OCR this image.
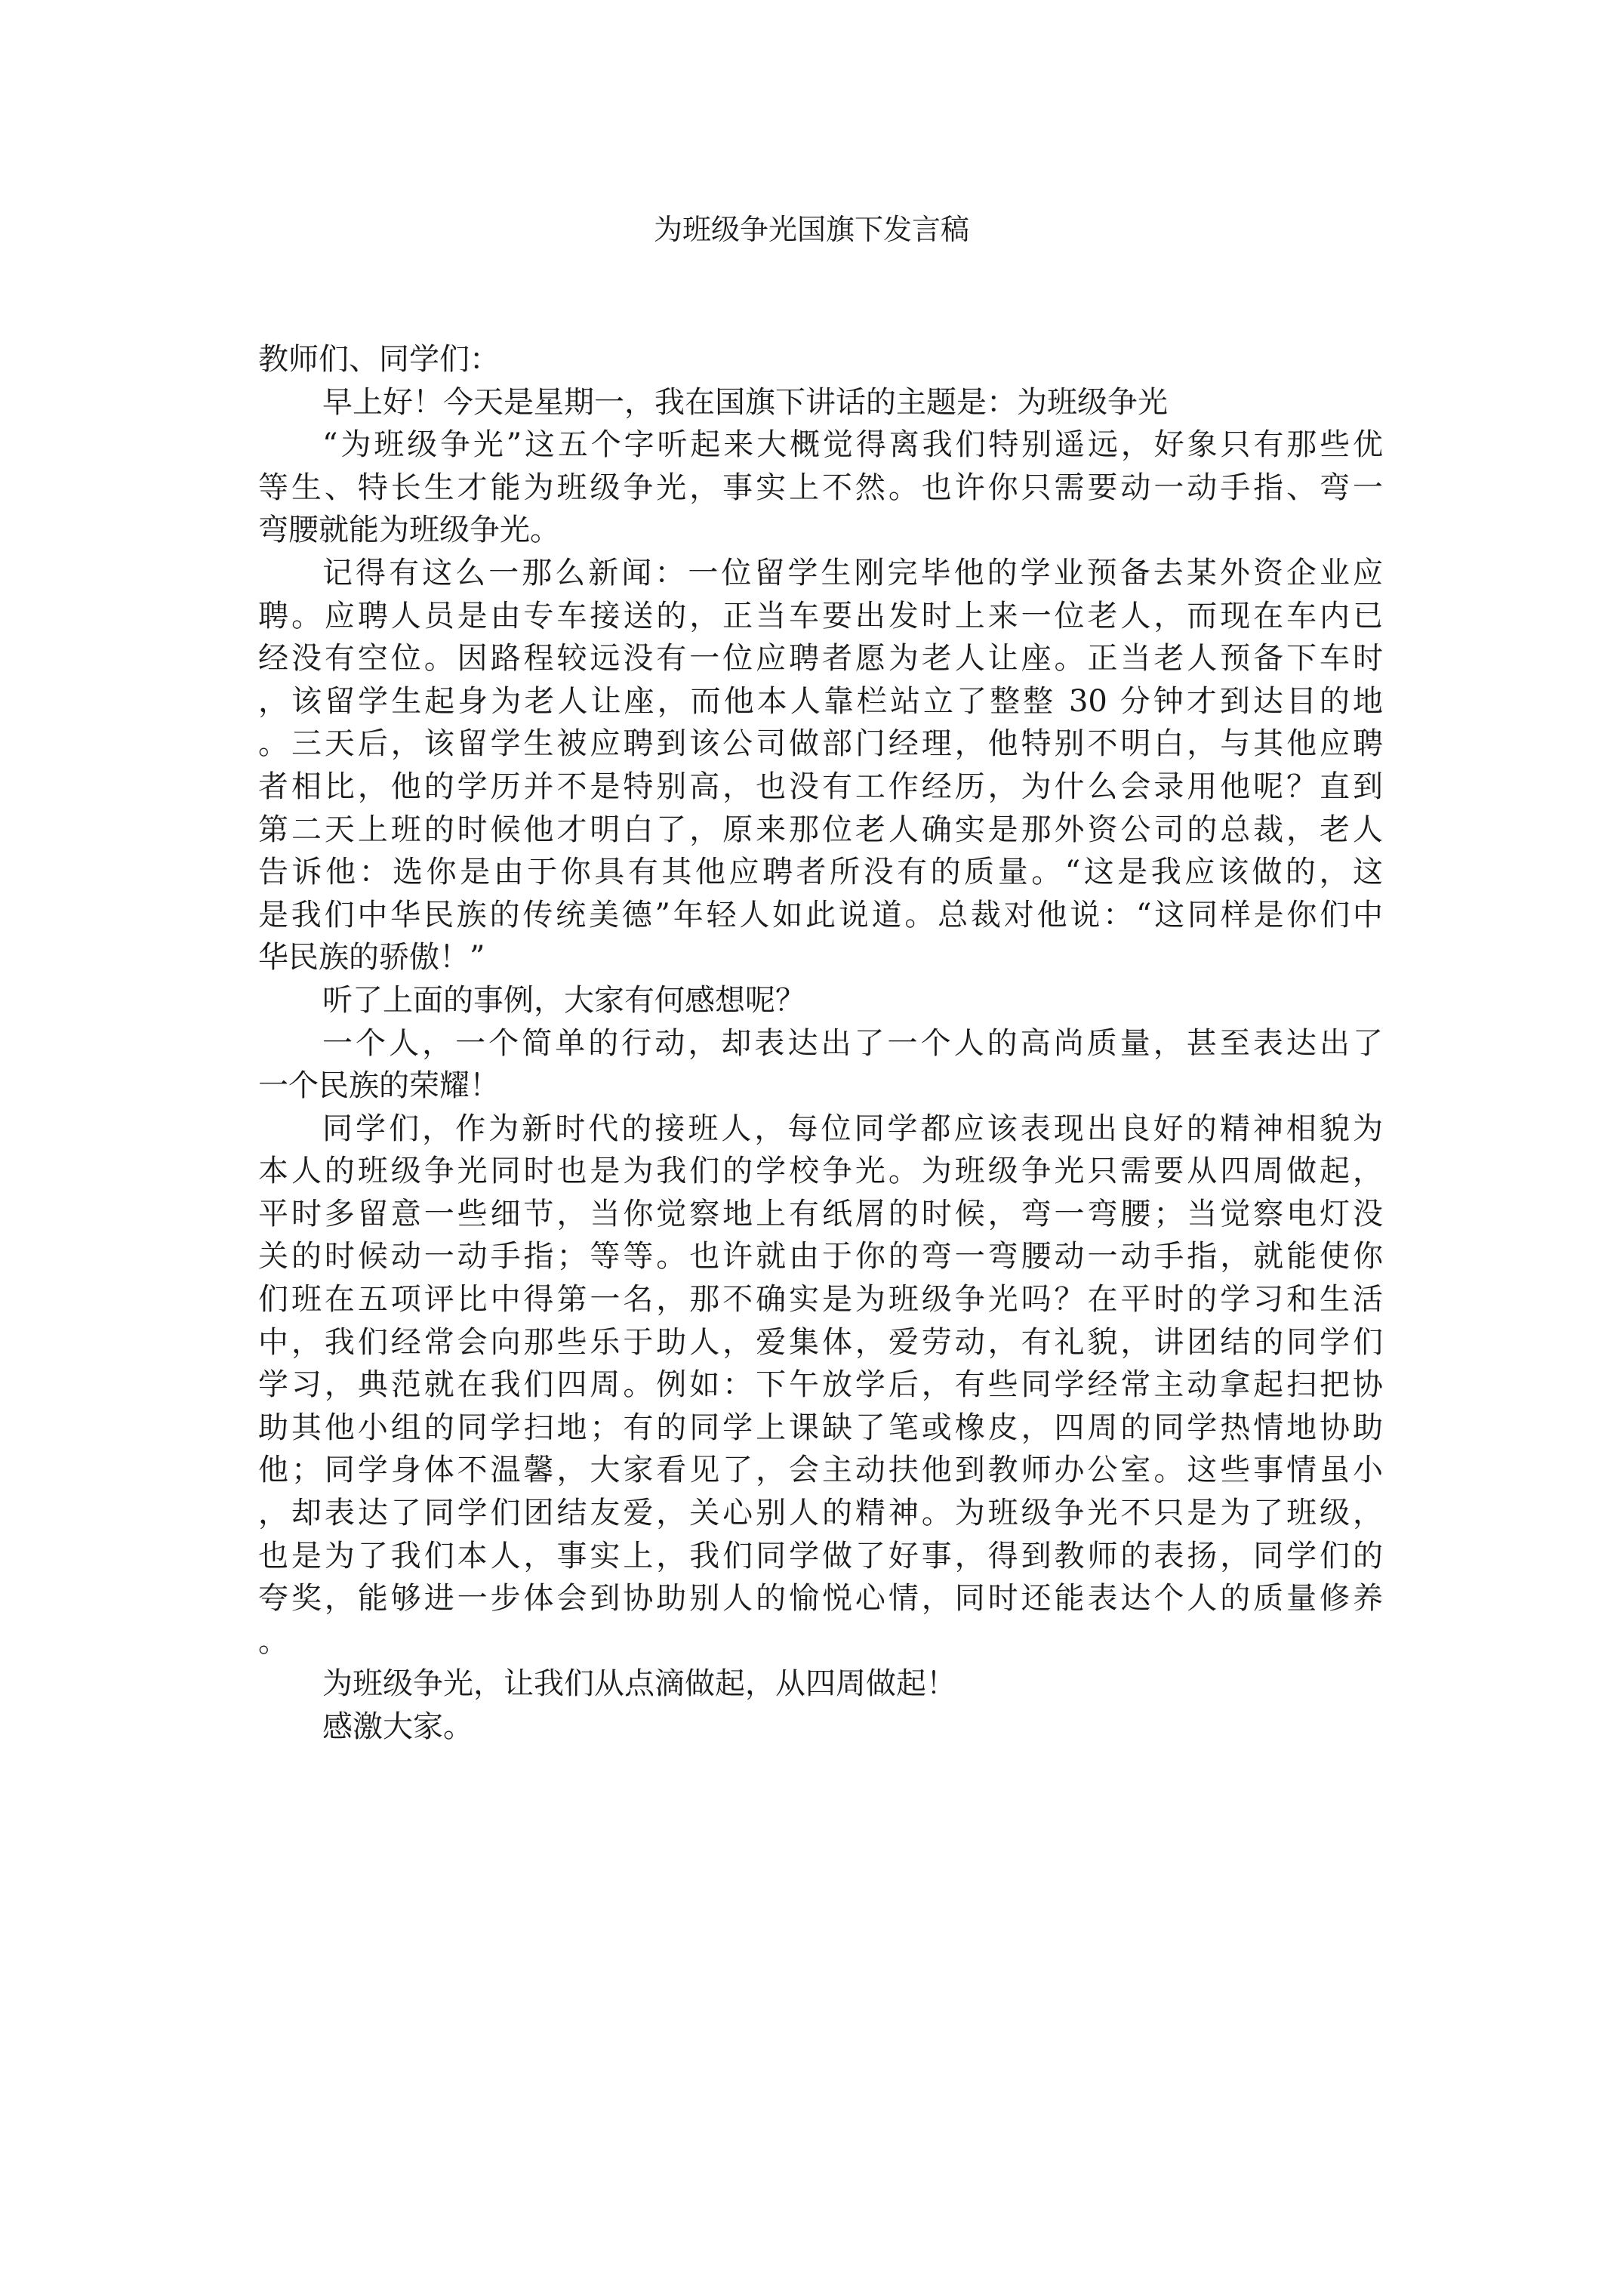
为班级争光国旗下发言稿
教师们、同学们：
早上好！今天是星期一，我在国旗下讲话的主题是：为班级争光
“为班级争光”这五个字听起来大概觉得离我们特别遥远，好象只有那些优
等生、特长生才能为班级争光，事实上不然。也许你只需要动一动手指、弯一
弯腰就能为班级争光。
记得有这么一那么新闻：一位留学生刚完毕他的学业预备去某外资企业应
聘。应聘人员是由专车接送的，正当车要出发时上来一位老人，而现在车内已
经没有空位。因路程较远没有一位应聘者愿为老人让座。正当老人预备下车时
，该留学生起身为老人让座，而他本人靠栏站立了整整 30 分钟才到达目的地
。三天后，该留学生被应聘到该公司做部门经理，他特别不明白，与其他应聘
者相比，他的学历并不是特别高，也没有工作经历，为什么会录用他呢？直到
第二天上班的时候他才明白了，原来那位老人确实是那外资公司的总裁，老人
告诉他：选你是由于你具有其他应聘者所没有的质量。“这是我应该做的，这
是我们中华民族的传统美德”年轻人如此说道。总裁对他说：“这同样是你们中
华民族的骄傲！”
听了上面的事例，大家有何感想呢？
一个人，一个简单的行动，却表达出了一个人的高尚质量，甚至表达出了
一个民族的荣耀！
同学们，作为新时代的接班人，每位同学都应该表现出良好的精神相貌为
本人的班级争光同时也是为我们的学校争光。为班级争光只需要从四周做起，
平时多留意一些细节，当你觉察地上有纸屑的时候，弯一弯腰；当觉察电灯没
关的时候动一动手指；等等。也许就由于你的弯一弯腰动一动手指，就能使你
们班在五项评比中得第一名，那不确实是为班级争光吗？在平时的学习和生活
中，我们经常会向那些乐于助人，爱集体，爱劳动，有礼貌，讲团结的同学们
学习，典范就在我们四周。例如：下午放学后，有些同学经常主动拿起扫把协
助其他小组的同学扫地；有的同学上课缺了笔或橡皮，四周的同学热情地协助
他；同学身体不温馨，大家看见了，会主动扶他到教师办公室。这些事情虽小
，却表达了同学们团结友爱，关心别人的精神。为班级争光不只是为了班级，
也是为了我们本人，事实上，我们同学做了好事，得到教师的表扬，同学们的
夸奖，能够进一步体会到协助别人的愉悦心情，同时还能表达个人的质量修养
。
为班级争光，让我们从点滴做起，从四周做起！
感激大家。
